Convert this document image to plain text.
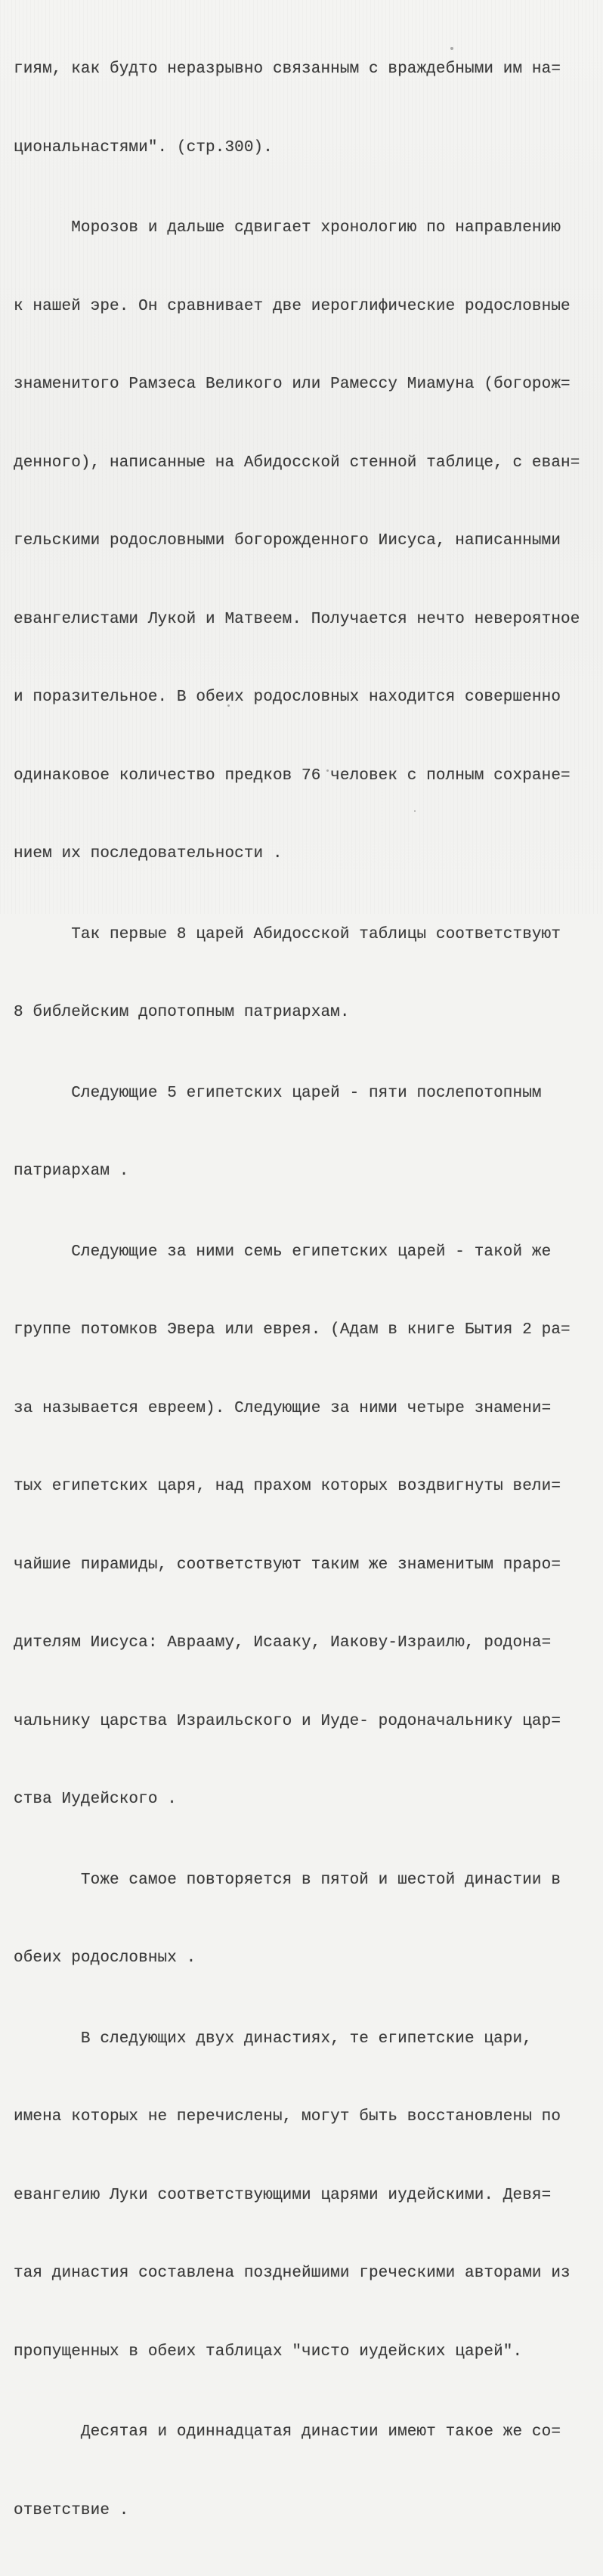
гиям, как будто неразрывно связанным с враждебными им на=

циональнастями". (стр.300).

Морозов и дальше сдвигает хронологию по направлению

к нашей эре. Он сравнивает две иероглифические родословные

знаменитого Рамзеса Великого или Рамессу Миамуна (богорож=

денного), написанные на Абидосской стенной таблице, с еван=

гельскими родословными богорожденного Иисуса, написанными

евангелистами Лукой и Матвеем. Получается нечто невероятное

и поразительное. В обеих родословных находится совершенно

одинаковое количество предков 76 человек с полным сохране=

нием их последовательности .

Так первые 8 царей Абидосской таблицы соответствуют

8 библейским допотопным патриархам.

Следующие 5 египетских царей - пяти послепотопным

патриархам .

Следующие за ними семь египетских царей - такой же

группе потомков Эвера или еврея. (Адам в книге Бытия 2 ра=

за называется евреем). Следующие за ними четыре знамени=

тых египетских царя, над прахом которых воздвигнуты вели=

чайшие пирамиды, соответствуют таким же знаменитым праро=

дителям Иисуса: Аврааму, Исааку, Иакову-Израилю, родона=

чальнику царства Израильского и Иуде- родоначальнику цар=

ства Иудейского .

Тоже самое повторяется в пятой и шестой династии в

обеих родословных .

В следующих двух династиях, те египетские цари,

имена которых не перечислены, могут быть восстановлены по

евангелию Луки соответствующими царями иудейскими. Девя=

тая династия составлена позднейшими греческими авторами из

пропущенных в обеих таблицах "чисто иудейских царей".

Десятая и одиннадцатая династии имеют такое же со=

ответствие .
